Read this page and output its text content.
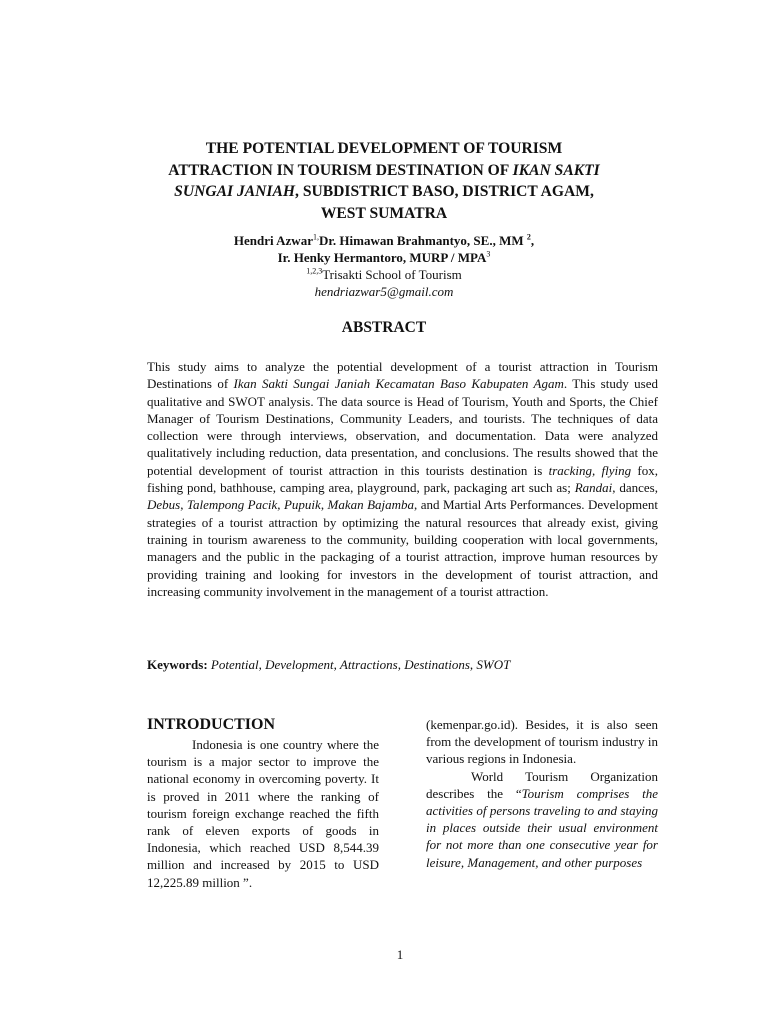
THE POTENTIAL DEVELOPMENT OF TOURISM
ATTRACTION IN TOURISM DESTINATION OF IKAN SAKTI
SUNGAI JANIAH, SUBDISTRICT BASO, DISTRICT AGAM,
WEST SUMATRA
Hendri Azwar$^{1,}$Dr. Himawan Brahmantyo, SE., MM $^2$,
Ir. Henky Hermantoro, MURP / MPA$^3$
$^{1,2,3}$Trisakti School of Tourism
hendriazwar5@gmail.com
ABSTRACT

This study aims to analyze the potential development of a tourist attraction in Tourism Destinations of Ikan Sakti Sungai Janiah Kecamatan Baso Kabupaten Agam. This study used qualitative and SWOT analysis. The data source is Head of Tourism, Youth and Sports, the Chief Manager of Tourism Destinations, Community Leaders, and tourists. The techniques of data collection were through interviews, observation, and documentation. Data were analyzed qualitatively including reduction, data presentation, and conclusions. The results showed that the potential development of tourist attraction in this tourists destination is tracking, flying fox, fishing pond, bathhouse, camping area, playground, park, packaging art such as; Randai, dances, Debus, Talempong Pacik, Pupuik, Makan Bajamba, and Martial Arts Performances. Development strategies of a tourist attraction by optimizing the natural resources that already exist, giving training in tourism awareness to the community, building cooperation with local governments, managers and the public in the packaging of a tourist attraction, improve human resources by providing training and looking for investors in the development of tourist attraction, and increasing community involvement in the management of a tourist attraction.

Keywords: Potential, Development, Attractions, Destinations, SWOT
INTRODUCTION

Indonesia is one country where the tourism is a major sector to improve the national economy in overcoming poverty. It is proved in 2011 where the ranking of tourism foreign exchange reached the fifth rank of eleven exports of goods in Indonesia, which reached USD 8,544.39 million and increased by 2015 to USD 12,225.89 million ”.

(kemenpar.go.id). Besides, it is also seen from the development of tourism industry in various regions in Indonesia.

World Tourism Organization describes the “Tourism comprises the activities of persons traveling to and staying in places outside their usual environment for not more than one consecutive year for leisure, Management, and other purposes

1
